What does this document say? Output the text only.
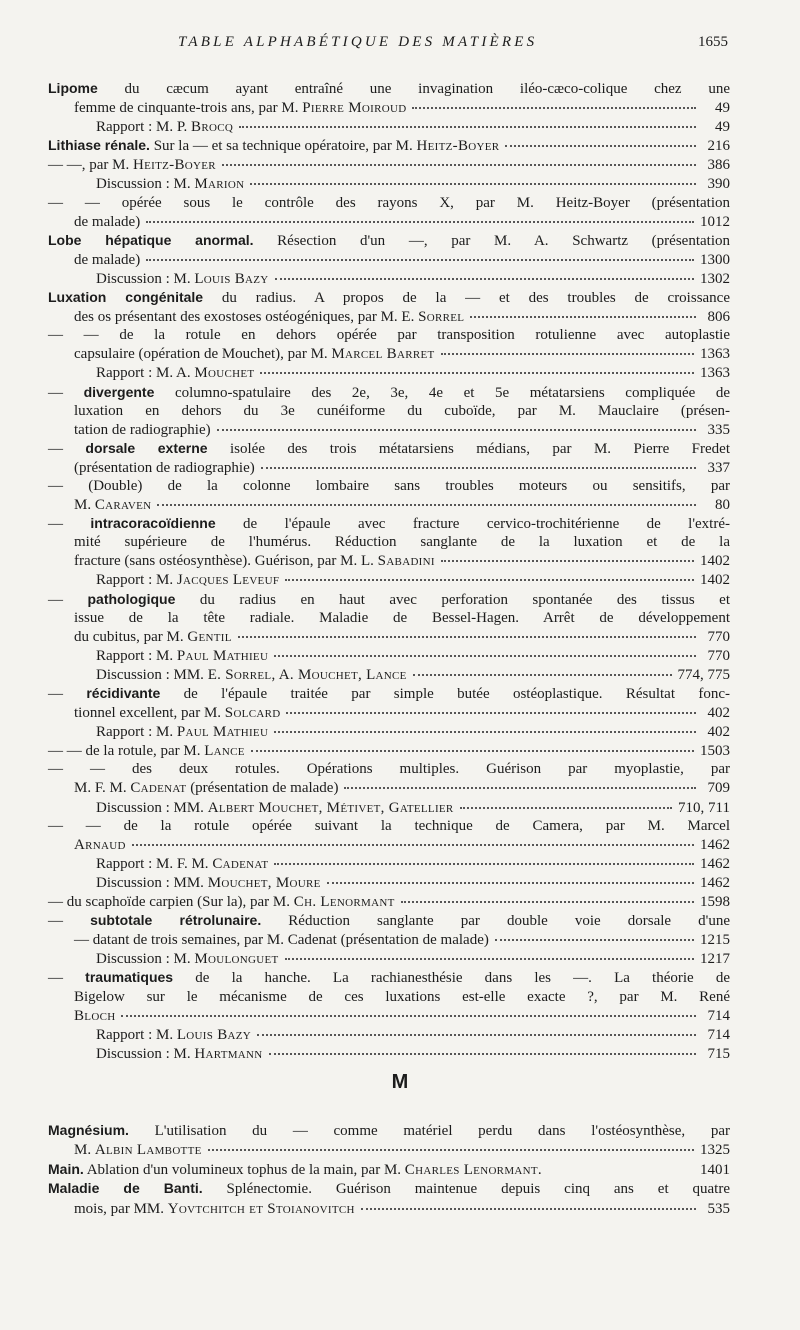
TABLE ALPHABÉTIQUE DES MATIÈRES	1655
Lipome du cæcum ayant entraîné une invagination iléo-cæco-colique chez une
femme de cinquante-trois ans, par M. Pierre Moiroud	49
Rapport : M. P. Brocq	49
Lithiase rénale. Sur la — et sa technique opératoire, par M. Heitz-Boyer	216
— —, par M. Heitz-Boyer	386
Discussion : M. Marion	390
— — opérée sous le contrôle des rayons X, par M. Heitz-Boyer (présentation
de malade)	1012
Lobe hépatique anormal. Résection d'un —, par M. A. Schwartz (présentation
de malade)	1300
Discussion : M. Louis Bazy	1302
Luxation congénitale du radius. A propos de la — et des troubles de croissance
des os présentant des exostoses ostéogéniques, par M. E. Sorrel	806
— — de la rotule en dehors opérée par transposition rotulienne avec autoplastie
capsulaire (opération de Mouchet), par M. Marcel Barret	1363
Rapport : M. A. Mouchet	1363
— divergente columno-spatulaire des 2e, 3e, 4e et 5e métatarsiens compliquée de
luxation en dehors du 3e cunéiforme du cuboïde, par M. Mauclaire (présen-
tation de radiographie)	335
— dorsale externe isolée des trois métatarsiens médians, par M. Pierre Fredet
(présentation de radiographie)	337
— (Double) de la colonne lombaire sans troubles moteurs ou sensitifs, par
M. Caraven	80
— intracoracoïdienne de l'épaule avec fracture cervico-trochitérienne de l'extré-
mité supérieure de l'humérus. Réduction sanglante de la luxation et de la
fracture (sans ostéosynthèse). Guérison, par M. L. Sabadini	1402
Rapport : M. Jacques Leveuf	1402
— pathologique du radius en haut avec perforation spontanée des tissus et
issue de la tête radiale. Maladie de Bessel-Hagen. Arrêt de développement
du cubitus, par M. Gentil	770
Rapport : M. Paul Mathieu	770
Discussion : MM. E. Sorrel, A. Mouchet, Lance	774, 775
— récidivante de l'épaule traitée par simple butée ostéoplastique. Résultat fonc-
tionnel excellent, par M. Solcard	402
Rapport : M. Paul Mathieu	402
— — de la rotule, par M. Lance	1503
— — des deux rotules. Opérations multiples. Guérison par myoplastie, par
M. F. M. Cadenat (présentation de malade)	709
Discussion : MM. Albert Mouchet, Métivet, Gatellier	710, 711
— — de la rotule opérée suivant la technique de Camera, par M. Marcel
Arnaud	1462
Rapport : M. F. M. Cadenat	1462
Discussion : MM. Mouchet, Moure	1462
— du scaphoïde carpien (Sur la), par M. Ch. Lenormant	1598
— subtotale rétrolunaire. Réduction sanglante par double voie dorsale d'une
— datant de trois semaines, par M. Cadenat (présentation de malade)	1215
Discussion : M. Moulonguet	1217
— traumatiques de la hanche. La rachianesthésie dans les —. La théorie de
Bigelow sur le mécanisme de ces luxations est-elle exacte ?, par M. René
Bloch	714
Rapport : M. Louis Bazy	714
Discussion : M. Hartmann	715
M
Magnésium. L'utilisation du — comme matériel perdu dans l'ostéosynthèse, par
M. Albin Lambotte	1325
Main. Ablation d'un volumineux tophus de la main, par M. Charles Lenormant.	1401
Maladie de Banti. Splénectomie. Guérison maintenue depuis cinq ans et quatre
mois, par MM. Yovtchitch et Stoianovitch	535
